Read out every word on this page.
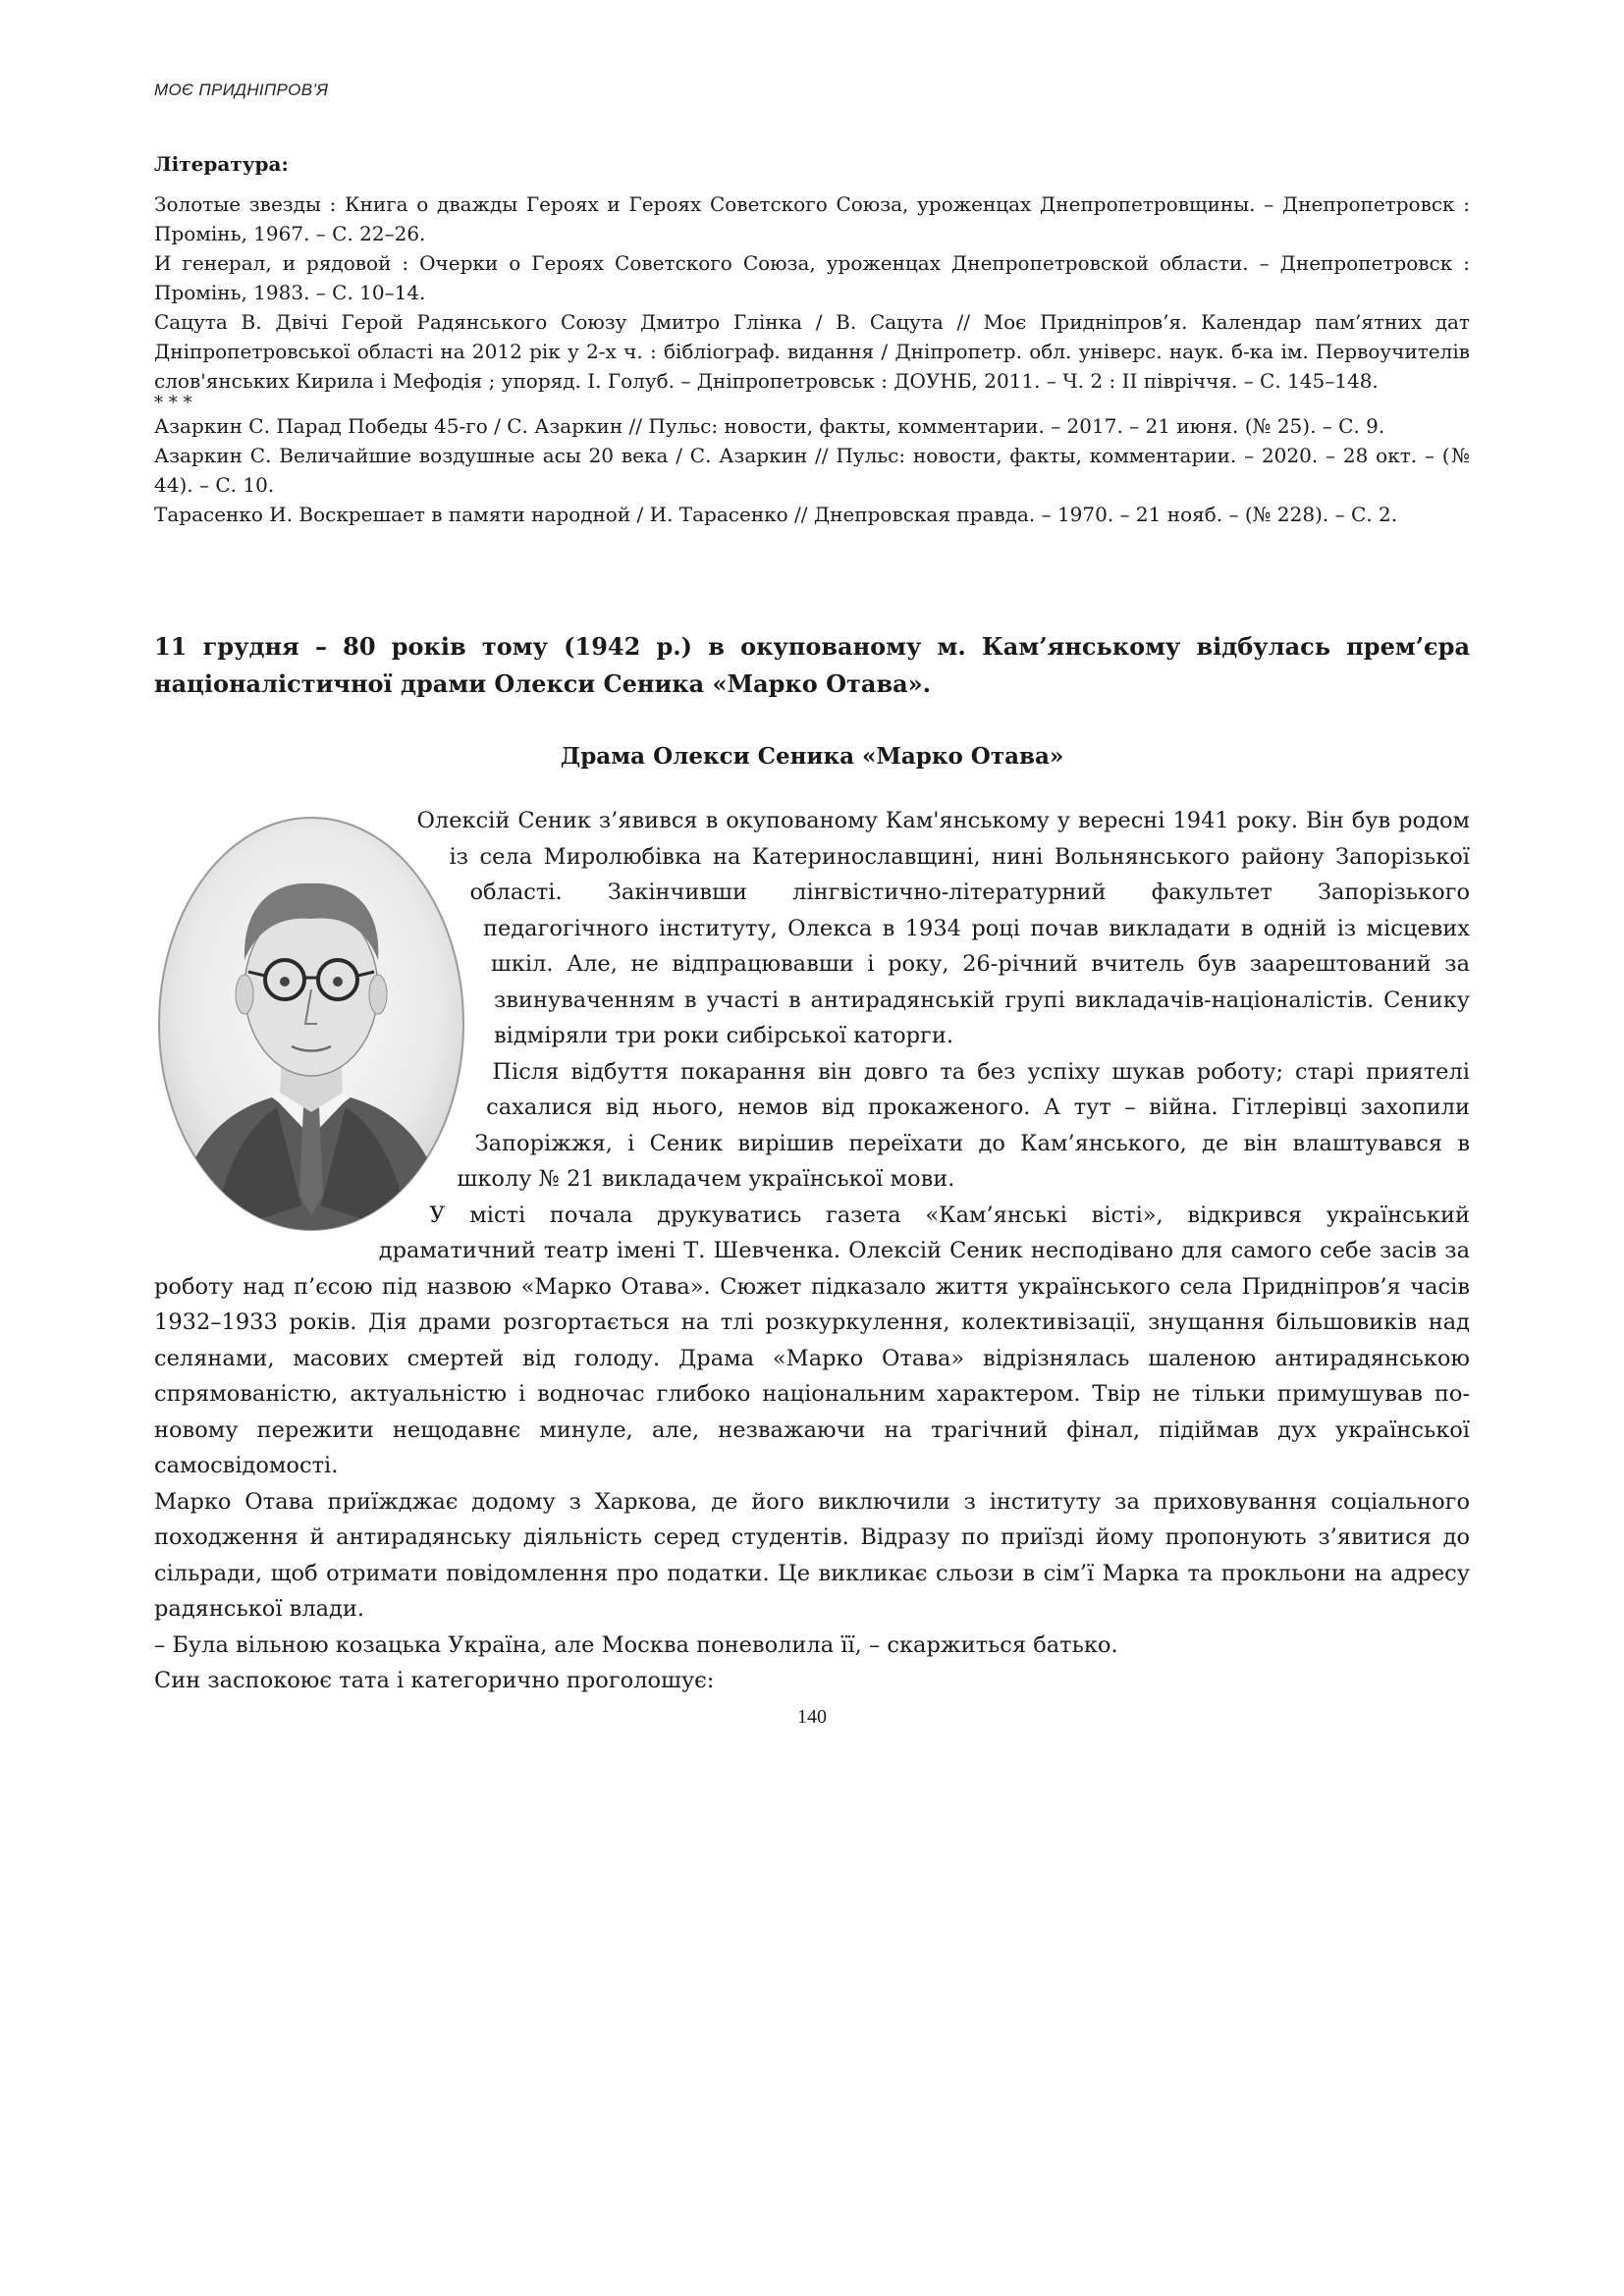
МОЄ ПРИДНІПРОВ’Я
Література:
Золотые звезды : Книга о дважды Героях и Героях Советского Союза, уроженцах Днепропетровщины. – Днепропетровск : Промінь, 1967. – С. 22–26.
И генерал, и рядовой : Очерки о Героях Советского Союза, уроженцах Днепропетровской области. – Днепропетровск : Промінь, 1983. – С. 10–14.
Сацута В. Двічі Герой Радянського Союзу Дмитро Глінка / В. Сацута // Моє Придніпров’я. Календар пам’ятних дат Дніпропетровської області на 2012 рік у 2-х ч. : бібліограф. видання / Дніпропетр. обл. універс. наук. б-ка ім. Первоучителів слов'янських Кирила і Мефодія ; упоряд. І. Голуб. – Дніпропетровськ : ДОУНБ, 2011. – Ч. 2 : ІІ півріччя. – С. 145–148.
* * *
Азаркин С. Парад Победы 45-го / С. Азаркин // Пульс: новости, факты, комментарии. – 2017. – 21 июня. (№ 25). – С. 9.
Азаркин С. Величайшие воздушные асы 20 века / С. Азаркин // Пульс: новости, факты, комментарии. – 2020. – 28 окт. – (№ 44). – С. 10.
Тарасенко И. Воскрешает в памяти народной / И. Тарасенко // Днепровская правда. – 1970. – 21 нояб. – (№ 228). – С. 2.
11 грудня – 80 років тому (1942 р.) в окупованому м. Кам’янському відбулась прем’єра націоналістичної драми Олекси Сеника «Марко Отава».
Драма Олекси Сеника «Марко Отава»

Олексій Сеник з’явився в окупованому Кам'янському у вересні 1941 року. Він був родом із села Миролюбівка на Катеринославщині, нині Вольнянського району Запорізької області. Закінчивши лінгвістично-літературний факультет Запорізького педагогічного інституту, Олекса в 1934 році почав викладати в одній із місцевих шкіл. Але, не відпрацювавши і року, 26-річний вчитель був заарештований за звинуваченням в участі в антирадянській групі викладачів-націоналістів. Сенику відміряли три роки сибірської каторги.

Після відбуття покарання він довго та без успіху шукав роботу; старі приятелі сахалися від нього, немов від прокаженого. А тут – війна. Гітлерівці захопили Запоріжжя, і Сеник вирішив переїхати до Кам’янського, де він влаштувався в школу № 21 викладачем української мови.

У місті почала друкуватись газета «Кам’янські вісті», відкрився український драматичний театр імені Т. Шевченка. Олексій Сеник несподівано для самого себе засів за роботу над п’єсою під назвою «Марко Отава». Сюжет підказало життя українського села Придніпров’я часів 1932–1933 років. Дія драми розгортається на тлі розкуркулення, колективізації, знущання більшовиків над селянами, масових смертей від голоду. Драма «Марко Отава» відрізнялась шаленою антирадянською спрямованістю, актуальністю і водночас глибоко національним характером. Твір не тільки примушував по-новому пережити нещодавнє минуле, але, незважаючи на трагічний фінал, підіймав дух української самосвідомості.

Марко Отава приїжджає додому з Харкова, де його виключили з інституту за приховування соціального походження й антирадянську діяльність серед студентів. Відразу по приїзді йому пропонують з’явитися до сільради, щоб отримати повідомлення про податки. Це викликає сльози в сім’ї Марка та прокльони на адресу радянської влади.

– Була вільною козацька Україна, але Москва поневолила її, – скаржиться батько.

Син заспокоює тата і категорично проголошує:

140
